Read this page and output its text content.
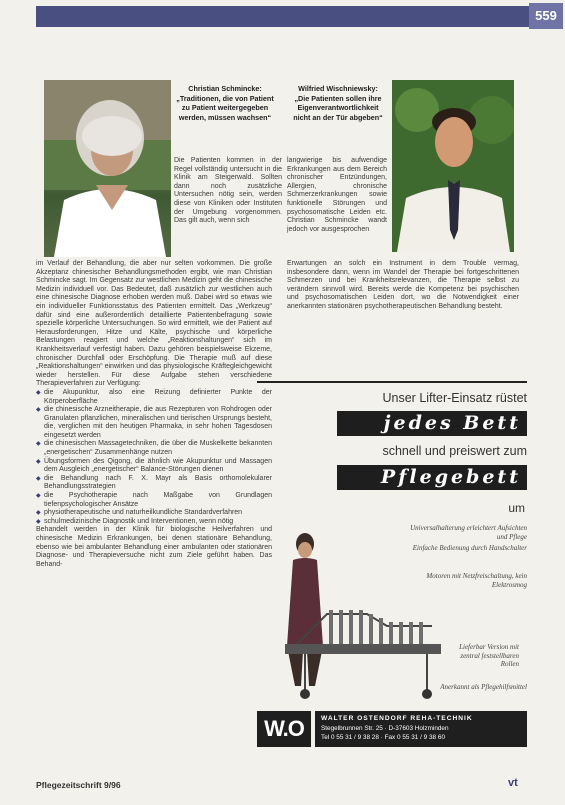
559
Christian Schmincke:
„Traditionen, die von Patient zu Patient weitergegeben werden, müssen wachsen“
Wilfried Wischniewsky:
„Die Patienten sollen ihre Eigenverantwortlichkeit nicht an der Tür abgeben“

Die Patienten kommen in der Regel vollständig untersucht in die Klinik am Steigerwald. Sollten dann noch zusätzliche Untersuchen nötig sein, werden diese von Kliniken oder Instituten der Umgebung vorgenommen. Das gilt auch, wenn sich

langwierige bis aufwendige Erkrankungen aus dem Bereich chronischer Entzündungen, Allergien, chronische Schmerzerkrankungen sowie funktionelle Störungen und psychosomatische Leiden etc. Christian Schmincke wandt jedoch vor ausgesprochen

Erwartungen an solch ein Instrument in dem Trouble vermag, insbesondere dann, wenn im Wandel der Therapie bei fortgeschrittenen Schmerzen und bei Krankheitsrelevanzen, die Therapie selbst zu verändern sinnvoll wird. Bereits werde die Kompetenz bei psychischen und psychosomatischen Leiden dort, wo die Notwendigkeit einer anerkannten stationären psychotherapeutischen Behandlung besteht.

im Verlauf der Behandlung, die aber nur selten vorkommen. Die große Akzeptanz chinesischer Behandlungsmethoden ergibt, wie man Christian Schmincke sagt. Im Gegensatz zur westlichen Medizin geht die chinesische Medizin individuell vor. Das Bedeutet, daß zusätzlich zur westlichen auch eine chinesische Diagnose erhoben werden muß. Dabei wird so etwas wie ein individueller Funktionsstatus des Patienten ermittelt. Das „Werkzeug“ dafür sind eine außerordentlich detaillierte Patientenbefragung sowie spezielle körperliche Untersuchungen. So wird ermittelt, wie der Patient auf Herausforderungen, Hitze und Kälte, psychische und körperliche Belastungen reagiert und welche „Reaktionshaltungen“ sich im Krankheitsverlauf verfestigt haben. Dazu gehören beispielsweise Ekzeme, chronischer Durchfall oder Erschöpfung. Die Therapie muß auf diese „Reaktionshaltungen“ einwirken und das physiologische Kräftegleichgewicht wieder herstellen. Für diese Aufgabe stehen verschiedene Therapieverfahren zur Verfügung:

◆ die Akupunktur, also eine Reizung definierter Punkte der Körperoberfläche
◆ die chinesische Arzneitherapie, die aus Rezepturen von Rohdrogen oder Granulaten pflanzlichen, mineralischen und tierischen Ursprungs besteht, die, verglichen mit den heutigen Pharmaka, in sehr hohen Tagesdosen eingesetzt werden
◆ die chinesischen Massagetechniken, die über die Muskelkette bekannten „energetischen“ Zusammenhänge nutzen
◆ Übungsformen des Qigong, die ähnlich wie Akupunktur und Massagen dem Ausgleich „energetischer“ Balance-Störungen dienen
◆ die Behandlung nach F. X. Mayr als Basis orthomolekularer Behandlungsstrategien
◆ die Psychotherapie nach Maßgabe von Grundlagen tiefenpsychologischer Ansätze
◆ physiotherapeutische und naturheilkundliche Standardverfahren
◆ schulmedizinische Diagnostik und Interventionen, wenn nötig

Behandelt werden in der Klinik für biologische Heilverfahren und chinesische Medizin Erkrankungen, bei denen stationäre Behandlung, ebenso wie bei ambulanter Behandlung einer ambulanten oder stationären Diagnose- und Therapieversuche nicht zum Ziele geführt haben. Das Behand-

Unser Lifter-Einsatz rüstet
jedes Bett
schnell und preiswert zum
Pflegebett
um
Universalhalterung erleichtert Aufsichten und Pflege
Einfache Bedienung durch Handschalter
Motoren mit Netzfreischaltung, kein Elektrosmog
Lieferbar Version mit zentral feststellbaren Rollen
Anerkannt als Pflegehilfsmittel
W.O	WALTER OSTENDORF REHA-TECHNIK
Stegelbrunnen Str. 25 · D-37603 Holzminden
Tel 0 55 31 / 9 38 28 · Fax 0 55 31 / 9 38 60
Pflegezeitschrift 9/96	vt
